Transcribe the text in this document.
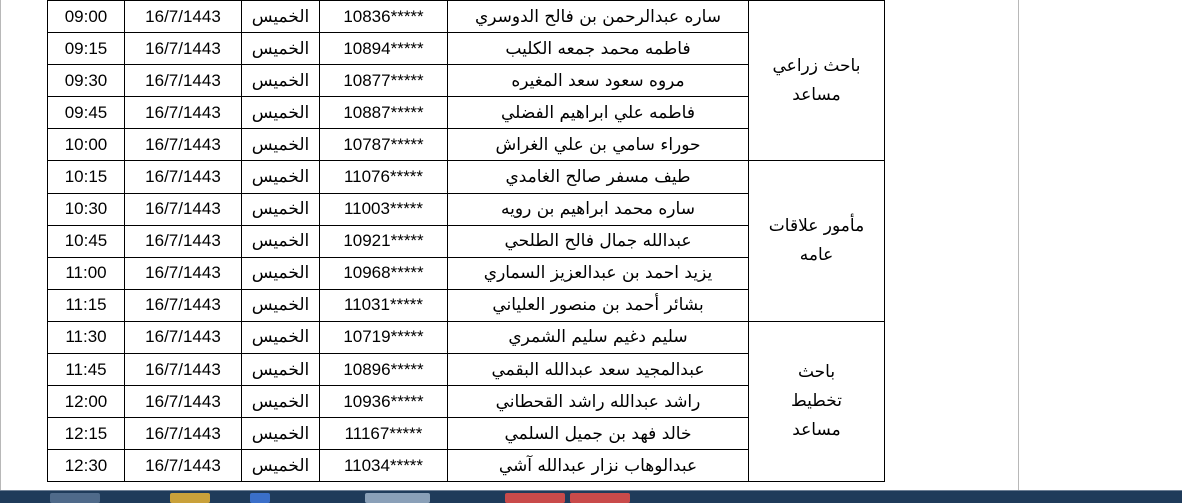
09:00	16/7/1443	الخميس	10836*****	ساره عبدالرحمن بن فالح الدوسري	باحث زراعي
مساعد

09:15	16/7/1443	الخميس	10894*****	فاطمه محمد جمعه الكليب	
09:30	16/7/1443	الخميس	10877*****	مروه سعود سعد المغيره	
09:45	16/7/1443	الخميس	10887*****	فاطمه علي ابراهيم الفضلي	
10:00	16/7/1443	الخميس	10787*****	حوراء سامي بن علي الغراش	
10:15	16/7/1443	الخميس	11076*****	طيف مسفر صالح الغامدي	مأمور علاقات
عامه

10:30	16/7/1443	الخميس	11003*****	ساره محمد ابراهيم بن رويه	
10:45	16/7/1443	الخميس	10921*****	عبدالله جمال فالح الطلحي	
11:00	16/7/1443	الخميس	10968*****	يزيد احمد بن عبدالعزيز السماري	
11:15	16/7/1443	الخميس	11031*****	بشائر أحمد بن منصور العلياني	
11:30	16/7/1443	الخميس	10719*****	سليم دغيم سليم الشمري	باحث
تخطيط
مساعد

11:45	16/7/1443	الخميس	10896*****	عبدالمجيد سعد عبدالله البقمي	
12:00	16/7/1443	الخميس	10936*****	راشد عبدالله راشد القحطاني	
12:15	16/7/1443	الخميس	11167*****	خالد فهد بن جميل السلمي	
12:30	16/7/1443	الخميس	11034*****	عبدالوهاب نزار عبدالله آشي	
